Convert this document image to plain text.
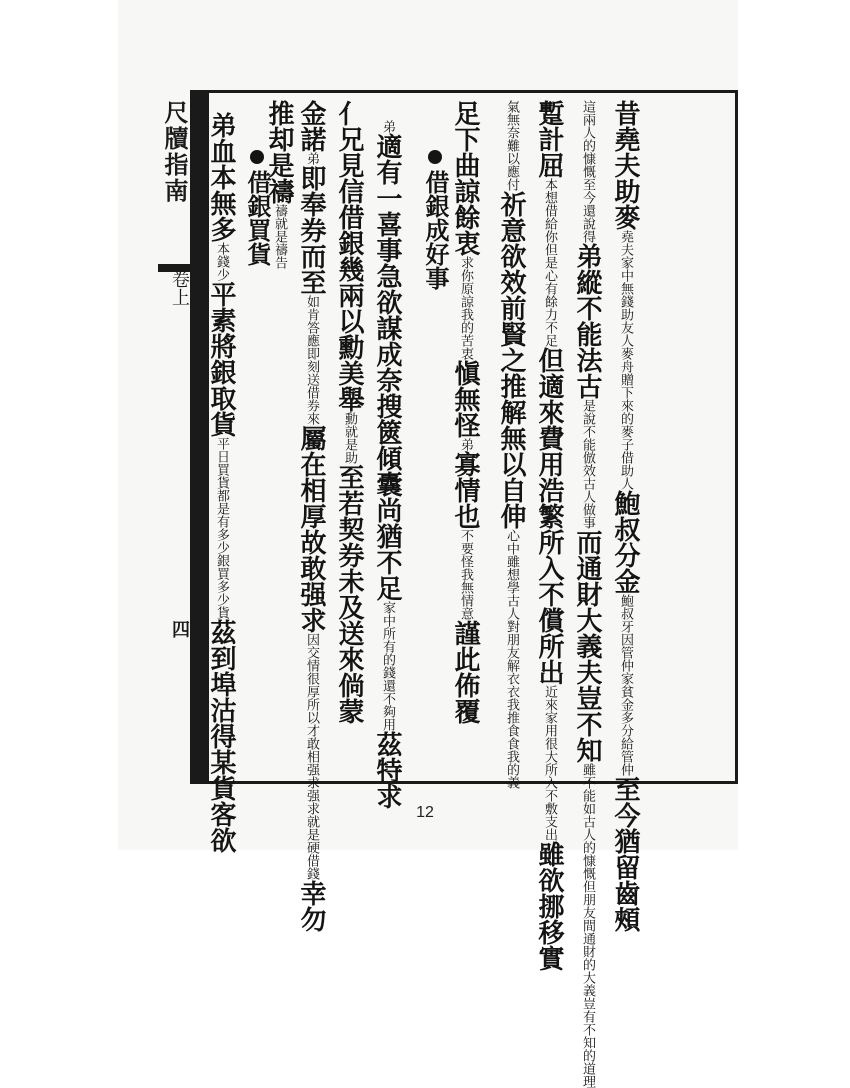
尺牘指南
卷上
四
昔堯夫助麥堯夫家中無錢助友人麥舟贈下來的麥子借助人鮑叔分金鮑叔牙因管仲家貧金多分給管仲至今猶留齒頰
這兩人的慷慨至今還說得弟縱不能法古是說不能倣效古人做事而通財大義夫豈不知雖不能如古人的慷慨但朋友間通財的大義豈有不知的道理
蹔計屈本想借給你但是心有餘力不足但適來費用浩繁所入不償所出近來家用很大所入不敷支出雖欲挪移實
氣無奈難以應付祈意欲效前賢之推解無以自伸心中雖想學古人對朋友解衣衣我推食食我的義
足下曲諒餘衷求你原諒我的苦衷愼無怪弟寡情也不要怪我無情意謹此佈覆
借銀成好事
弟適有一喜事急欲謀成奈搜篋傾囊尚猶不足家中所有的錢還不夠用茲特求
亻兄見信借銀幾兩以勳美舉勳就是助至若契券未及送來倘蒙
金諾弟即奉券而至如肯答應即刻送借券來屬在相厚故敢强求因交情很厚所以才敢相强求强求就是硬借錢幸勿
推却是禱禱就是禱告
借銀買貨
弟血本無多本錢少平素將銀取貨平日買貨都是有多少銀買多少貨茲到埠沽得某貨客欲	12
